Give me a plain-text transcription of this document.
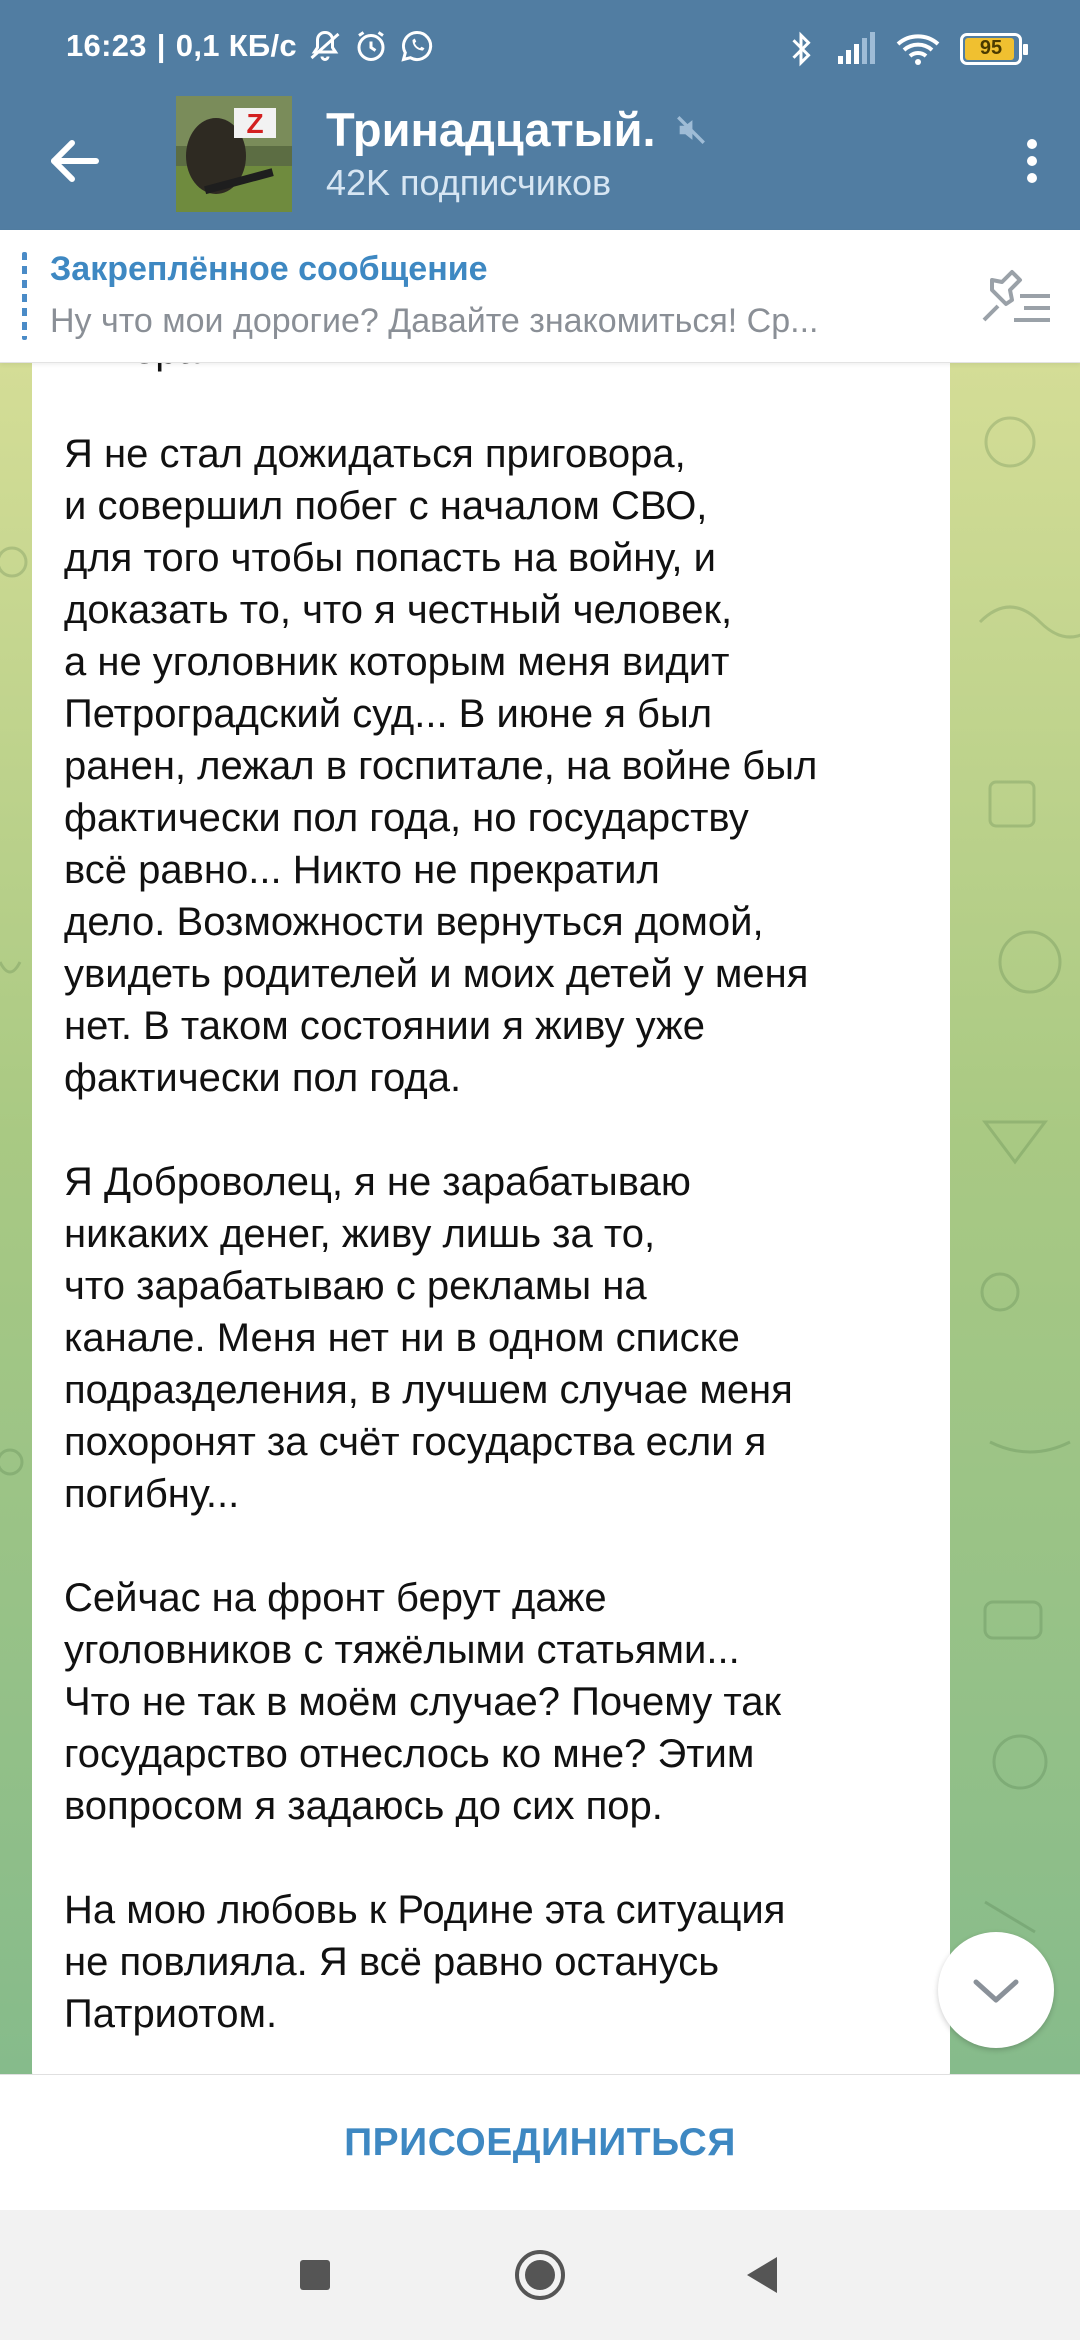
16:23 | 0,1 КБ/с	95
Z Тринадцатый.
42K подписчиков
Закреплённое сообщение
Ну что мои дорогие? Давайте знакомиться! Ср...

Я не стал дожидаться приговора,
и совершил побег с началом СВО,
для того чтобы попасть на войну, и
доказать то, что я честный человек,
а не уголовник которым меня видит
Петроградский суд... В июне я был
ранен, лежал в госпитале, на войне был
фактически пол года, но государству
всё равно... Никто не прекратил
дело. Возможности вернуться домой,
увидеть родителей и моих детей у меня
нет. В таком состоянии я живу уже
фактически пол года.

Я Доброволец, я не зарабатываю
никаких денег, живу лишь за то,
что зарабатываю с рекламы на
канале. Меня нет ни в одном списке
подразделения, в лучшем случае меня
похоронят за счёт государства если я
погибну...

Сейчас на фронт берут даже
уголовников с тяжёлыми статьями...
Что не так в моём случае? Почему так
государство отнеслось ко мне? Этим
вопросом я задаюсь до сих пор.

На мою любовь к Родине эта ситуация
не повлияла. Я всё равно останусь
Патриотом.
ПРИСОЕДИНИТЬСЯ
